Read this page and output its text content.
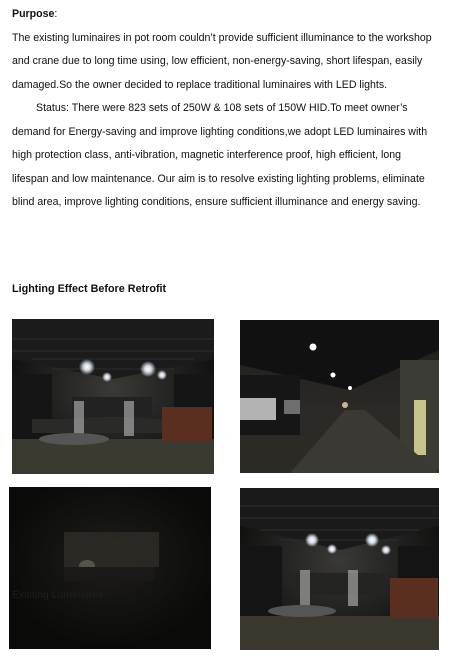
Purpose:
The existing luminaires in pot room couldn’t provide sufficient illuminance to the workshop and crane due to long time using, low efficient, non-energy-saving, short lifespan, easily damaged.So the owner decided to replace traditional luminaires with LED lights.
Status: There were 823 sets of 250W & 108 sets of 150W HID.To meet owner’s demand for Energy-saving and improve lighting conditions,we adopt LED luminaires with high protection class, anti-vibration, magnetic interference proof, high efficient, long lifespan and low maintenance. Our aim is to resolve existing lighting problems, eliminate blind area, improve lighting conditions, ensure sufficient illuminance and energy saving.
Lighting Effect Before Retrofit
Existing Luminaires
